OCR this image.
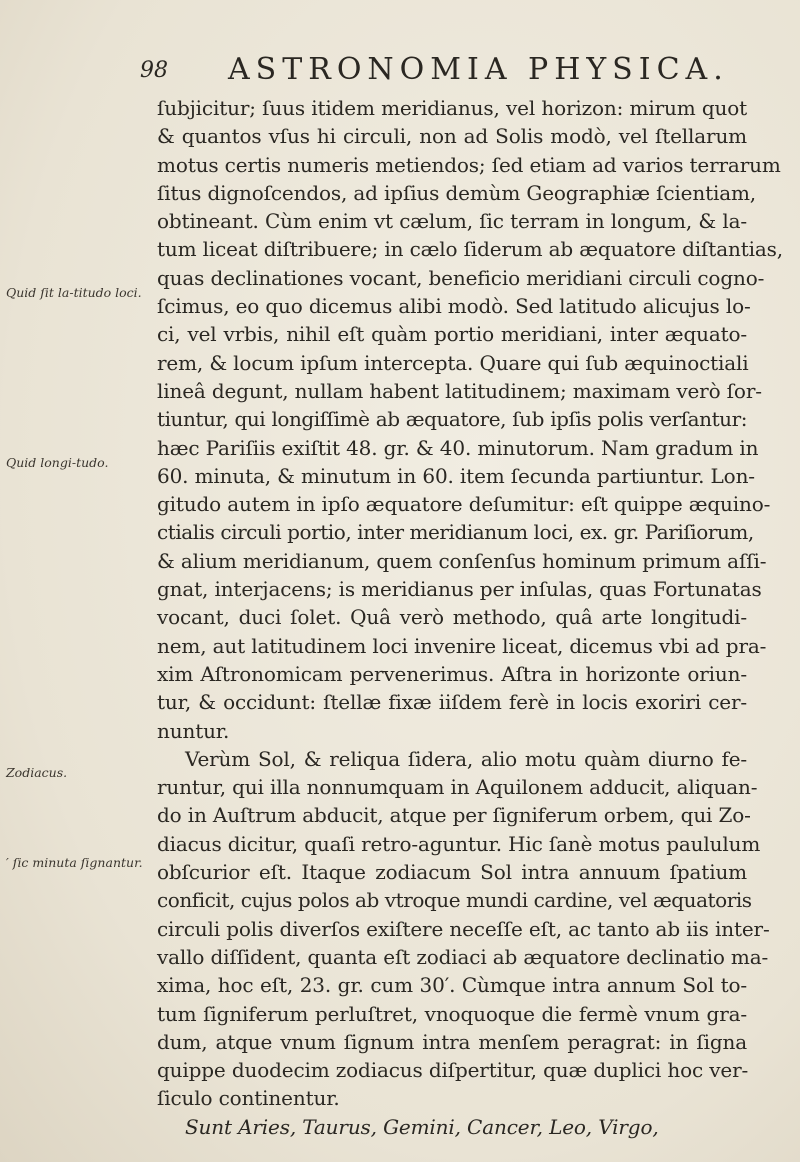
98 ASTRONOMIA PHYSICA.
Quid ſit la-titudo loci.
Quid longi-tudo.
Zodiacus.
′ ſic minuta ſignantur.
ſubjicitur; ſuus itidem meridianus, vel horizon: mirum quot
& quantos vſus hi circuli, non ad Solis modò, vel ſtellarum
motus certis numeris metiendos; ſed etiam ad varios terrarum
ſitus dignoſcendos, ad ipſius demùm Geographiæ ſcientiam,
obtineant. Cùm enim vt cælum, ſic terram in longum, & la-
tum liceat diſtribuere; in cælo ſiderum ab æquatore diſtantias,
quas declinationes vocant, beneficio meridiani circuli cogno-
ſcimus, eo quo dicemus alibi modò. Sed latitudo alicujus lo-
ci, vel vrbis, nihil eſt quàm portio meridiani, inter æquato-
rem, & locum ipſum intercepta. Quare qui ſub æquinoctiali
lineâ degunt, nullam habent latitudinem; maximam verò ſor-
tiuntur, qui longiſſimè ab æquatore, ſub ipſis polis verſantur:
hæc Pariſiis exiſtit 48. gr. & 40. minutorum. Nam gradum in
60. minuta, & minutum in 60. item ſecunda partiuntur. Lon-
gitudo autem in ipſo æquatore deſumitur: eſt quippe æquino-
ctialis circuli portio, inter meridianum loci, ex. gr. Pariſiorum,
& alium meridianum, quem conſenſus hominum primum aſſi-
gnat, interjacens; is meridianus per inſulas, quas Fortunatas
vocant, duci ſolet. Quâ verò methodo, quâ arte longitudi-
nem, aut latitudinem loci invenire liceat, dicemus vbi ad pra-
xim Aſtronomicam pervenerimus. Aſtra in horizonte oriun-
tur, & occidunt: ſtellæ fixæ iiſdem ferè in locis exoriri cer-
nuntur.
Verùm Sol, & reliqua ſidera, alio motu quàm diurno fe-
runtur, qui illa nonnumquam in Aquilonem adducit, aliquan-
do in Auſtrum abducit, atque per ſigniferum orbem, qui Zo-
diacus dicitur, quaſi retro-aguntur. Hic ſanè motus paululum
obſcurior eſt. Itaque zodiacum Sol intra annuum ſpatium
conficit, cujus polos ab vtroque mundi cardine, vel æquatoris
circuli polis diverſos exiſtere neceſſe eſt, ac tanto ab iis inter-
vallo diſſident, quanta eſt zodiaci ab æquatore declinatio ma-
xima, hoc eſt, 23. gr. cum 30′. Cùmque intra annum Sol to-
tum ſigniferum perluſtret, vnoquoque die fermè vnum gra-
dum, atque vnum ſignum intra menſem peragrat: in ſigna
quippe duodecim zodiacus diſpertitur, quæ duplici hoc ver-
ſiculo continentur.
Sunt Aries, Taurus, Gemini, Cancer, Leo, Virgo,
